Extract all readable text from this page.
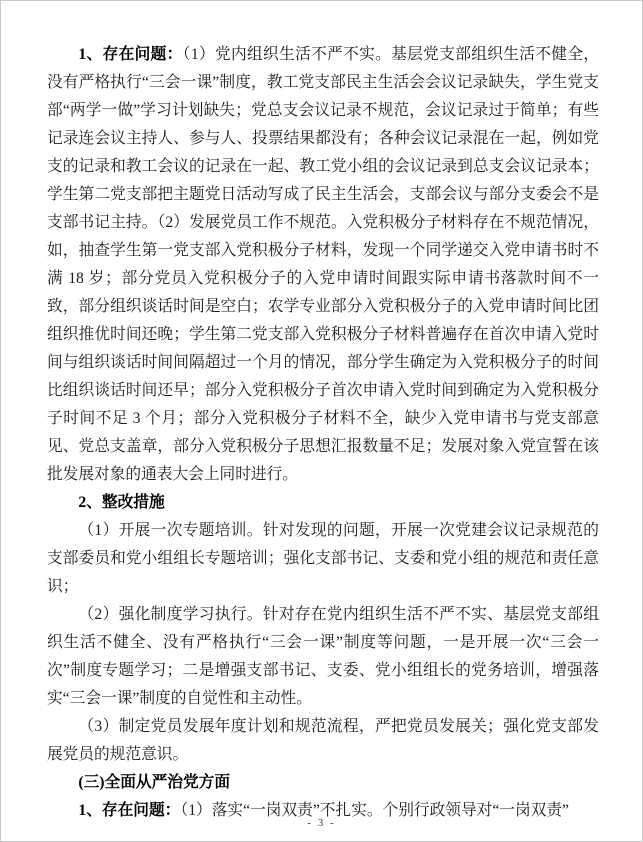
1、存在问题：（1）党内组织生活不严不实。基层党支部组织生活不健全，没有严格执行“三会一课”制度，教工党支部民主生活会会议记录缺失，学生党支部“两学一做”学习计划缺失；党总支会议记录不规范，会议记录过于简单；有些记录连会议主持人、参与人、投票结果都没有；各种会议记录混在一起，例如党支的记录和教工会议的记录在一起、教工党小组的会议记录到总支会议记录本；学生第二党支部把主题党日活动写成了民主生活会，支部会议与部分支委会不是支部书记主持。（2）发展党员工作不规范。入党积极分子材料存在不规范情况，如，抽查学生第一党支部入党积极分子材料，发现一个同学递交入党申请书时不满 18 岁；部分党员入党积极分子的入党申请时间跟实际申请书落款时间不一致，部分组织谈话时间是空白；农学专业部分入党积极分子的入党申请时间比团组织推优时间还晚；学生第二党支部入党积极分子材料普遍存在首次申请入党时间与组织谈话时间间隔超过一个月的情况，部分学生确定为入党积极分子的时间比组织谈话时间还早；部分入党积极分子首次申请入党时间到确定为入党积极分子时间不足 3 个月；部分入党积极分子材料不全，缺少入党申请书与党支部意见、党总支盖章，部分入党积极分子思想汇报数量不足；发展对象入党宣誓在该批发展对象的通表大会上同时进行。

2、整改措施

（1）开展一次专题培训。针对发现的问题，开展一次党建会议记录规范的支部委员和党小组组长专题培训；强化支部书记、支委和党小组的规范和责任意识；

（2）强化制度学习执行。针对存在党内组织生活不严不实、基层党支部组织生活不健全、没有严格执行“三会一课”制度等问题，一是开展一次“三会一次”制度专题学习；二是增强支部书记、支委、党小组组长的党务培训，增强落实“三会一课”制度的自觉性和主动性。

（3）制定党员发展年度计划和规范流程，严把党员发展关；强化党支部发展党员的规范意识。

(三)全面从严治党方面

1、存在问题：（1）落实“一岗双责”不扎实。个别行政领导对“一岗双责”

- 3 -
